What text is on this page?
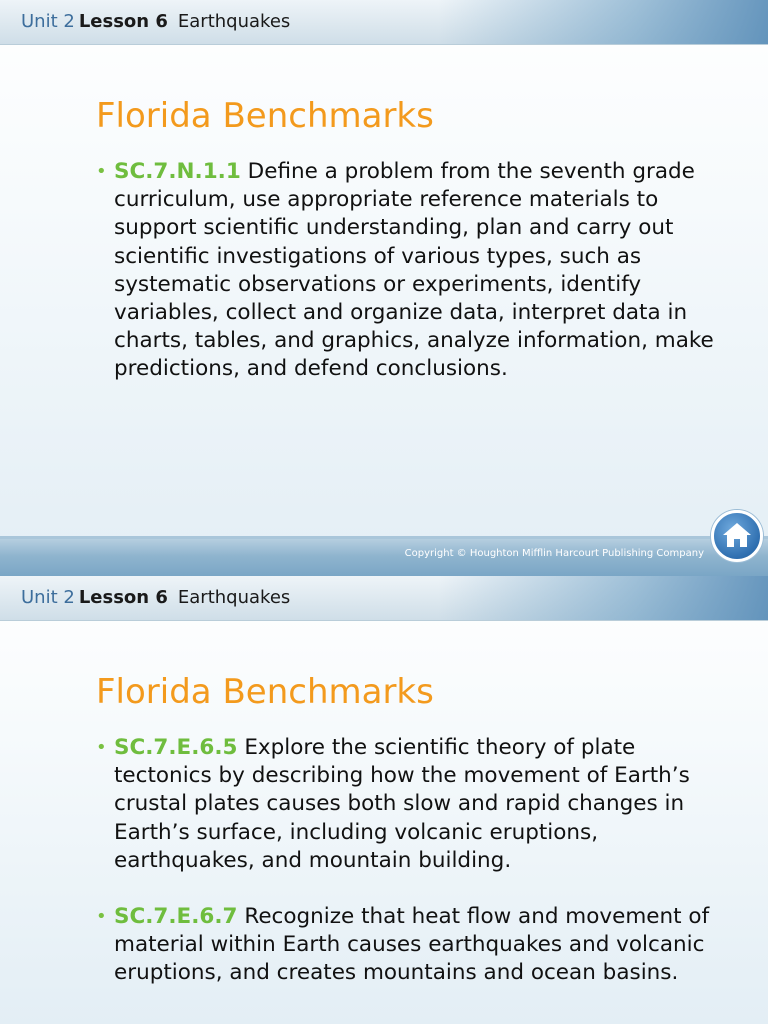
Unit 2 Lesson 6 Earthquakes
Florida Benchmarks
• SC.7.N.1.1 Define a problem from the seventh grade curriculum, use appropriate reference materials to support scientific understanding, plan and carry out scientific investigations of various types, such as systematic observations or experiments, identify variables, collect and organize data, interpret data in charts, tables, and graphics, analyze information, make predictions, and defend conclusions.
Copyright © Houghton Mifflin Harcourt Publishing Company
Unit 2 Lesson 6 Earthquakes
Florida Benchmarks
• SC.7.E.6.5 Explore the scientific theory of plate tectonics by describing how the movement of Earth’s crustal plates causes both slow and rapid changes in Earth’s surface, including volcanic eruptions, earthquakes, and mountain building.
• SC.7.E.6.7 Recognize that heat flow and movement of material within Earth causes earthquakes and volcanic eruptions, and creates mountains and ocean basins.
